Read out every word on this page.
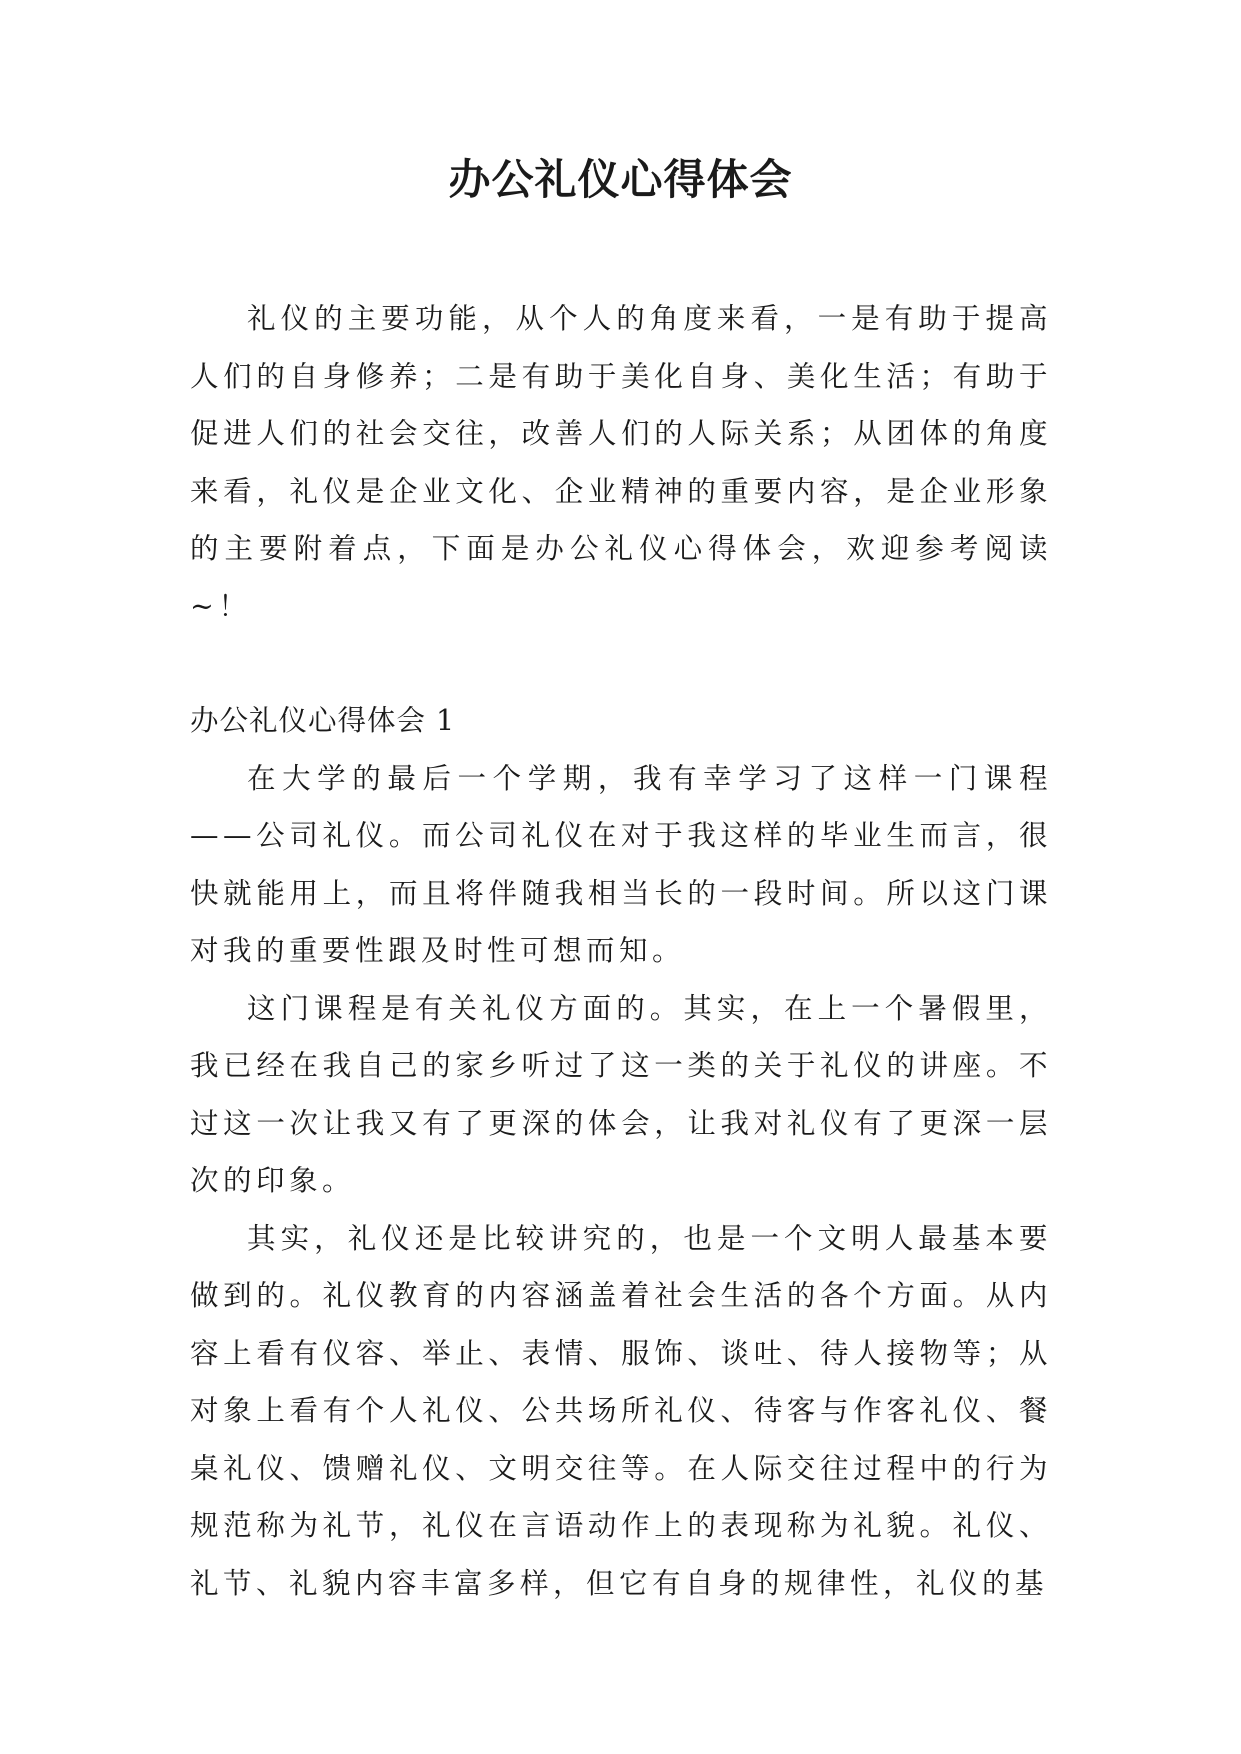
办公礼仪心得体会

礼仪的主要功能，从个人的角度来看，一是有助于提高人们的自身修养；二是有助于美化自身、美化生活；有助于促进人们的社会交往，改善人们的人际关系；从团体的角度来看，礼仪是企业文化、企业精神的重要内容，是企业形象的主要附着点，下面是办公礼仪心得体会，欢迎参考阅读~！

办公礼仪心得体会 1

在大学的最后一个学期，我有幸学习了这样一门课程——公司礼仪。而公司礼仪在对于我这样的毕业生而言，很快就能用上，而且将伴随我相当长的一段时间。所以这门课对我的重要性跟及时性可想而知。

这门课程是有关礼仪方面的。其实，在上一个暑假里，我已经在我自己的家乡听过了这一类的关于礼仪的讲座。不过这一次让我又有了更深的体会，让我对礼仪有了更深一层次的印象。

其实，礼仪还是比较讲究的，也是一个文明人最基本要做到的。礼仪教育的内容涵盖着社会生活的各个方面。从内容上看有仪容、举止、表情、服饰、谈吐、待人接物等；从对象上看有个人礼仪、公共场所礼仪、待客与作客礼仪、餐桌礼仪、馈赠礼仪、文明交往等。在人际交往过程中的行为规范称为礼节，礼仪在言语动作上的表现称为礼貌。礼仪、礼节、礼貌内容丰富多样，但它有自身的规律性，礼仪的基
